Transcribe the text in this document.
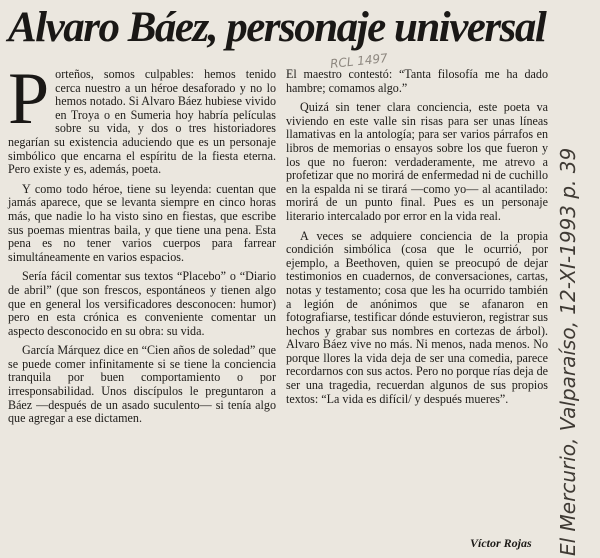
Alvaro Báez, personaje universal
RCL 1497

Porteños, somos culpables: hemos tenido cerca nuestro a un héroe desaforado y no lo hemos notado. Si Alvaro Báez hubiese vivido en Troya o en Sumeria hoy habría películas sobre su vida, y dos o tres historiadores negarían su existencia aduciendo que es un personaje simbólico que encarna el espíritu de la fiesta eterna. Pero existe y es, además, poeta.

Y como todo héroe, tiene su leyenda: cuentan que jamás aparece, que se levanta siempre en cinco horas más, que nadie lo ha visto sino en fiestas, que escribe sus poemas mientras baila, y que tiene una pena. Esta pena es no tener varios cuerpos para farrear simultáneamente en varios espacios.

Sería fácil comentar sus textos “Placebo” o “Diario de abril” (que son frescos, espontáneos y tienen algo que en general los versificadores desconocen: humor) pero en esta crónica es conveniente comentar un aspecto desconocido en su obra: su vida.

García Márquez dice en “Cien años de soledad” que se puede comer infinitamente si se tiene la conciencia tranquila por buen comportamiento o por irresponsabilidad. Unos discípulos le preguntaron a Báez —después de un asado suculento— si tenía algo que agregar a ese dictamen.

El maestro contestó: “Tanta filosofía me ha dado hambre; comamos algo.”

Quizá sin tener clara conciencia, este poeta va viviendo en este valle sin risas para ser unas líneas llamativas en la antología; para ser varios párrafos en libros de memorias o ensayos sobre los que fueron y los que no fueron: verdaderamente, me atrevo a profetizar que no morirá de enfermedad ni de cuchillo en la espalda ni se tirará —como yo— al acantilado: morirá de un punto final. Pues es un personaje literario intercalado por error en la vida real.

A veces se adquiere conciencia de la propia condición simbólica (cosa que le ocurrió, por ejemplo, a Beethoven, quien se preocupó de dejar testimonios en cuadernos, de conversaciones, cartas, notas y testamento; cosa que les ha ocurrido también a legión de anónimos que se afanaron en fotografiarse, testificar dónde estuvieron, registrar sus hechos y grabar sus nombres en cortezas de árbol). Alvaro Báez vive no más. Ni menos, nada menos. No porque llores la vida deja de ser una comedia, parece recordarnos con sus actos. Pero no porque rías deja de ser una tragedia, recuerdan algunos de sus propios textos: “La vida es difícil/ y después mueres”.

Víctor Rojas El Mercurio, Valparaíso, 12-XI-1993 p. 39
